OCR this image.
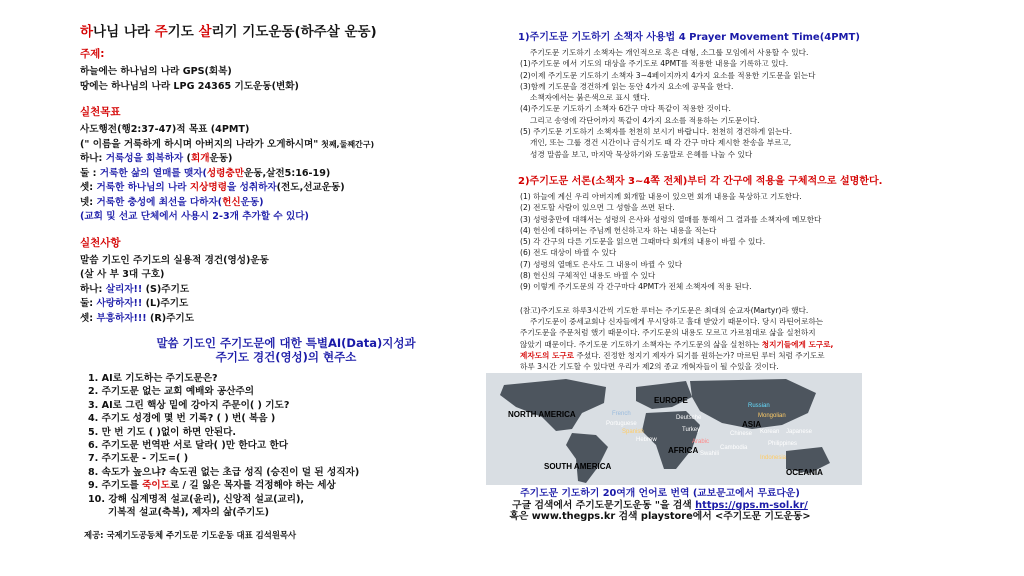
하나님 나라 주기도 살리기 기도운동(하주살 운동)
주제:
하늘에는 하나님의 나라 GPS(회복)
땅에는 하나님의 나라 LPG 24365 기도운동(변화)
실천목표
사도행전(행2:37-47)적 목표 (4PMT)
(" 이름을 거룩하게 하시며 아버지의 나라가 오게하시며" 첫째,둘째간구)
하나: 거룩성을 회복하자 (회개운동)
둘 : 거룩한 삶의 열매를 맺자(성령충만운동,살전5:16-19)
셋: 거룩한 하나님의 나라 지상명령을 성취하자(전도,선교운동)
넷: 거룩한 충성에 최선을 다하자(헌신운동)
(교회 및 선교 단체에서 사용시 2-3개 추가할 수 있다)
실천사항
말씀 기도인 주기도의 실용적 경건(영성)운동
(살 사 부 3대 구호)
하나: 살리자!! (S)주기도
둘: 사랑하자!! (L)주기도
셋: 부흥하자!!! (R)주기도
말씀 기도인 주기도문에 대한 특별AI(Data)지성과
주기도 경건(영성)의 현주소
1. AI로 기도하는 주기도문은?
2. 주기도문 없는 교회 예배와 공산주의
3. AI로 그린 핵상 밑에 강아지 주문이( ) 기도?
4. 주기도 성경에 몇 번 기록? ( ) 번( 복음 )
5. 만 번 기도 ( )없이 하면 안된다.
6. 주기도문 번역판 서로 달라( )만 한다고 한다
7. 주기도문 - 기도=( )
8. 속도가 높으냐? 속도권 없는 초급 성직 (승진이 덜 된 성직자)
9. 주기도를 죽이도로 / 길 잃은 목자를 걱정해야 하는 세상
10. 강해 십계명적 설교(윤리), 신앙적 설교(교리),
기복적 설교(축복), 제자의 삶(주기도)
제공: 국제기도공동체 주기도문 기도운동 대표 김석원목사
1)주기도문 기도하기 소책자 사용법 4 Prayer Movement Time(4PMT)
주기도문 기도하기 소책자는 개인적으로 혹은 대형, 소그룹 모임에서 사용할 수 있다.
(1)주기도문 에서 기도의 대상을 주기도로 4PMT를 적용한 내용을 기록하고 있다.
(2)이제 주기도문 기도하기 소책자 3~4페이지까지 4가지 요소를 적용한 기도문을 읽는다
(3)함께 기도문을 경건하게 읽는 동안 4가지 요소에 공묵을 한다.
소책자에서는 붉은색으로 표시 했다.
(4)주기도문 기도하기 소책자 6간구 마다 똑같이 적용한 것이다.
그리고 송영에 각단어까지 똑같이 4가지 요소를 적용하는 기도문이다.
(5) 주기도문 기도하기 소책자를 천천히 보시기 바랍니다. 천천히 경건하게 읽는다.
개인, 또는 그룹 경건 시간이나 금식기도 때 각 간구 마다 제시한 찬송을 부르고,
성경 말씀을 보고, 마지막 묵상하기와 도움말로 은혜를 나눌 수 있다
2)주기도문 서론(소책자 3~4쪽 전체)부터 각 간구에 적용을 구체적으로 설명한다.
(1) 하늘에 계신 우리 아버지께 회개할 내용이 있으면 회개 내용을 묵상하고 기도한다.
(2) 전도할 사람이 있으면 그 성함을 쓰면 된다.
(3) 성령충만에 대해서는 성령의 은사와 성령의 열매를 통해서 그 결과를 소책자에 메모한다
(4) 헌신에 대하여는 주님께 헌신하고자 하는 내용을 적는다
(5) 각 간구의 다른 기도문을 읽으면 그때마다 회개의 내용이 바뀔 수 있다.
(6) 전도 대상이 바뀔 수 있다
(7) 성령의 열매도 은사도 그 내용이 바뀔 수 있다
(8) 헌신의 구체적인 내용도 바뀔 수 있다
(9) 이렇게 주기도문의 각 간구마다 4PMT가 전체 소책자에 적용 된다.
(참고)주기도로 하루3시간씩 기도한 루터는 주기도문은 최대의 순교자(Martyr)라 했다.
주기도문이 중세교회나 신자들에게 무시당하고 홀대 받았기 때문이다. 당시 라틴어로하는
주기도문을 주문처럼 했기 때문이다. 주기도문의 내용도 모르고 가르침대로 삶을 실천하지
않았기 때문이다. 주기도문 기도하기 소책자는 주기도문의 삶을 실천하는 청지기들에게 도구로,
제자도의 도구로 주셨다. 진정한 청지기 제자가 되기를 원하는가? 마르틴 루터 처럼 주기도로
하루 3시간 기도할 수 있다면 우리가 제2의 종교 개혁자들이 될 수있을 것이다.
NORTH AMERICA
EUROPE
ASIA
AFRICA
SOUTH AMERICA
OCEANIA
French
Deutsche
Russian
Portuguese
Spanish
Hebrew
Turkey
Arabic
Japanese
Korean
Chinese
Mongolian
Swahili
Indonesia
Cambodia
Philippines
주기도문 기도하기 20여개 언어로 번역 (교보문고에서 무료다운)
구글 검색에서 주기도문기도운동 "을 검색 https://gps.m-sol.kr/
혹은 www.thegps.kr 검색 playstore에서 <주기도문 기도운동>
